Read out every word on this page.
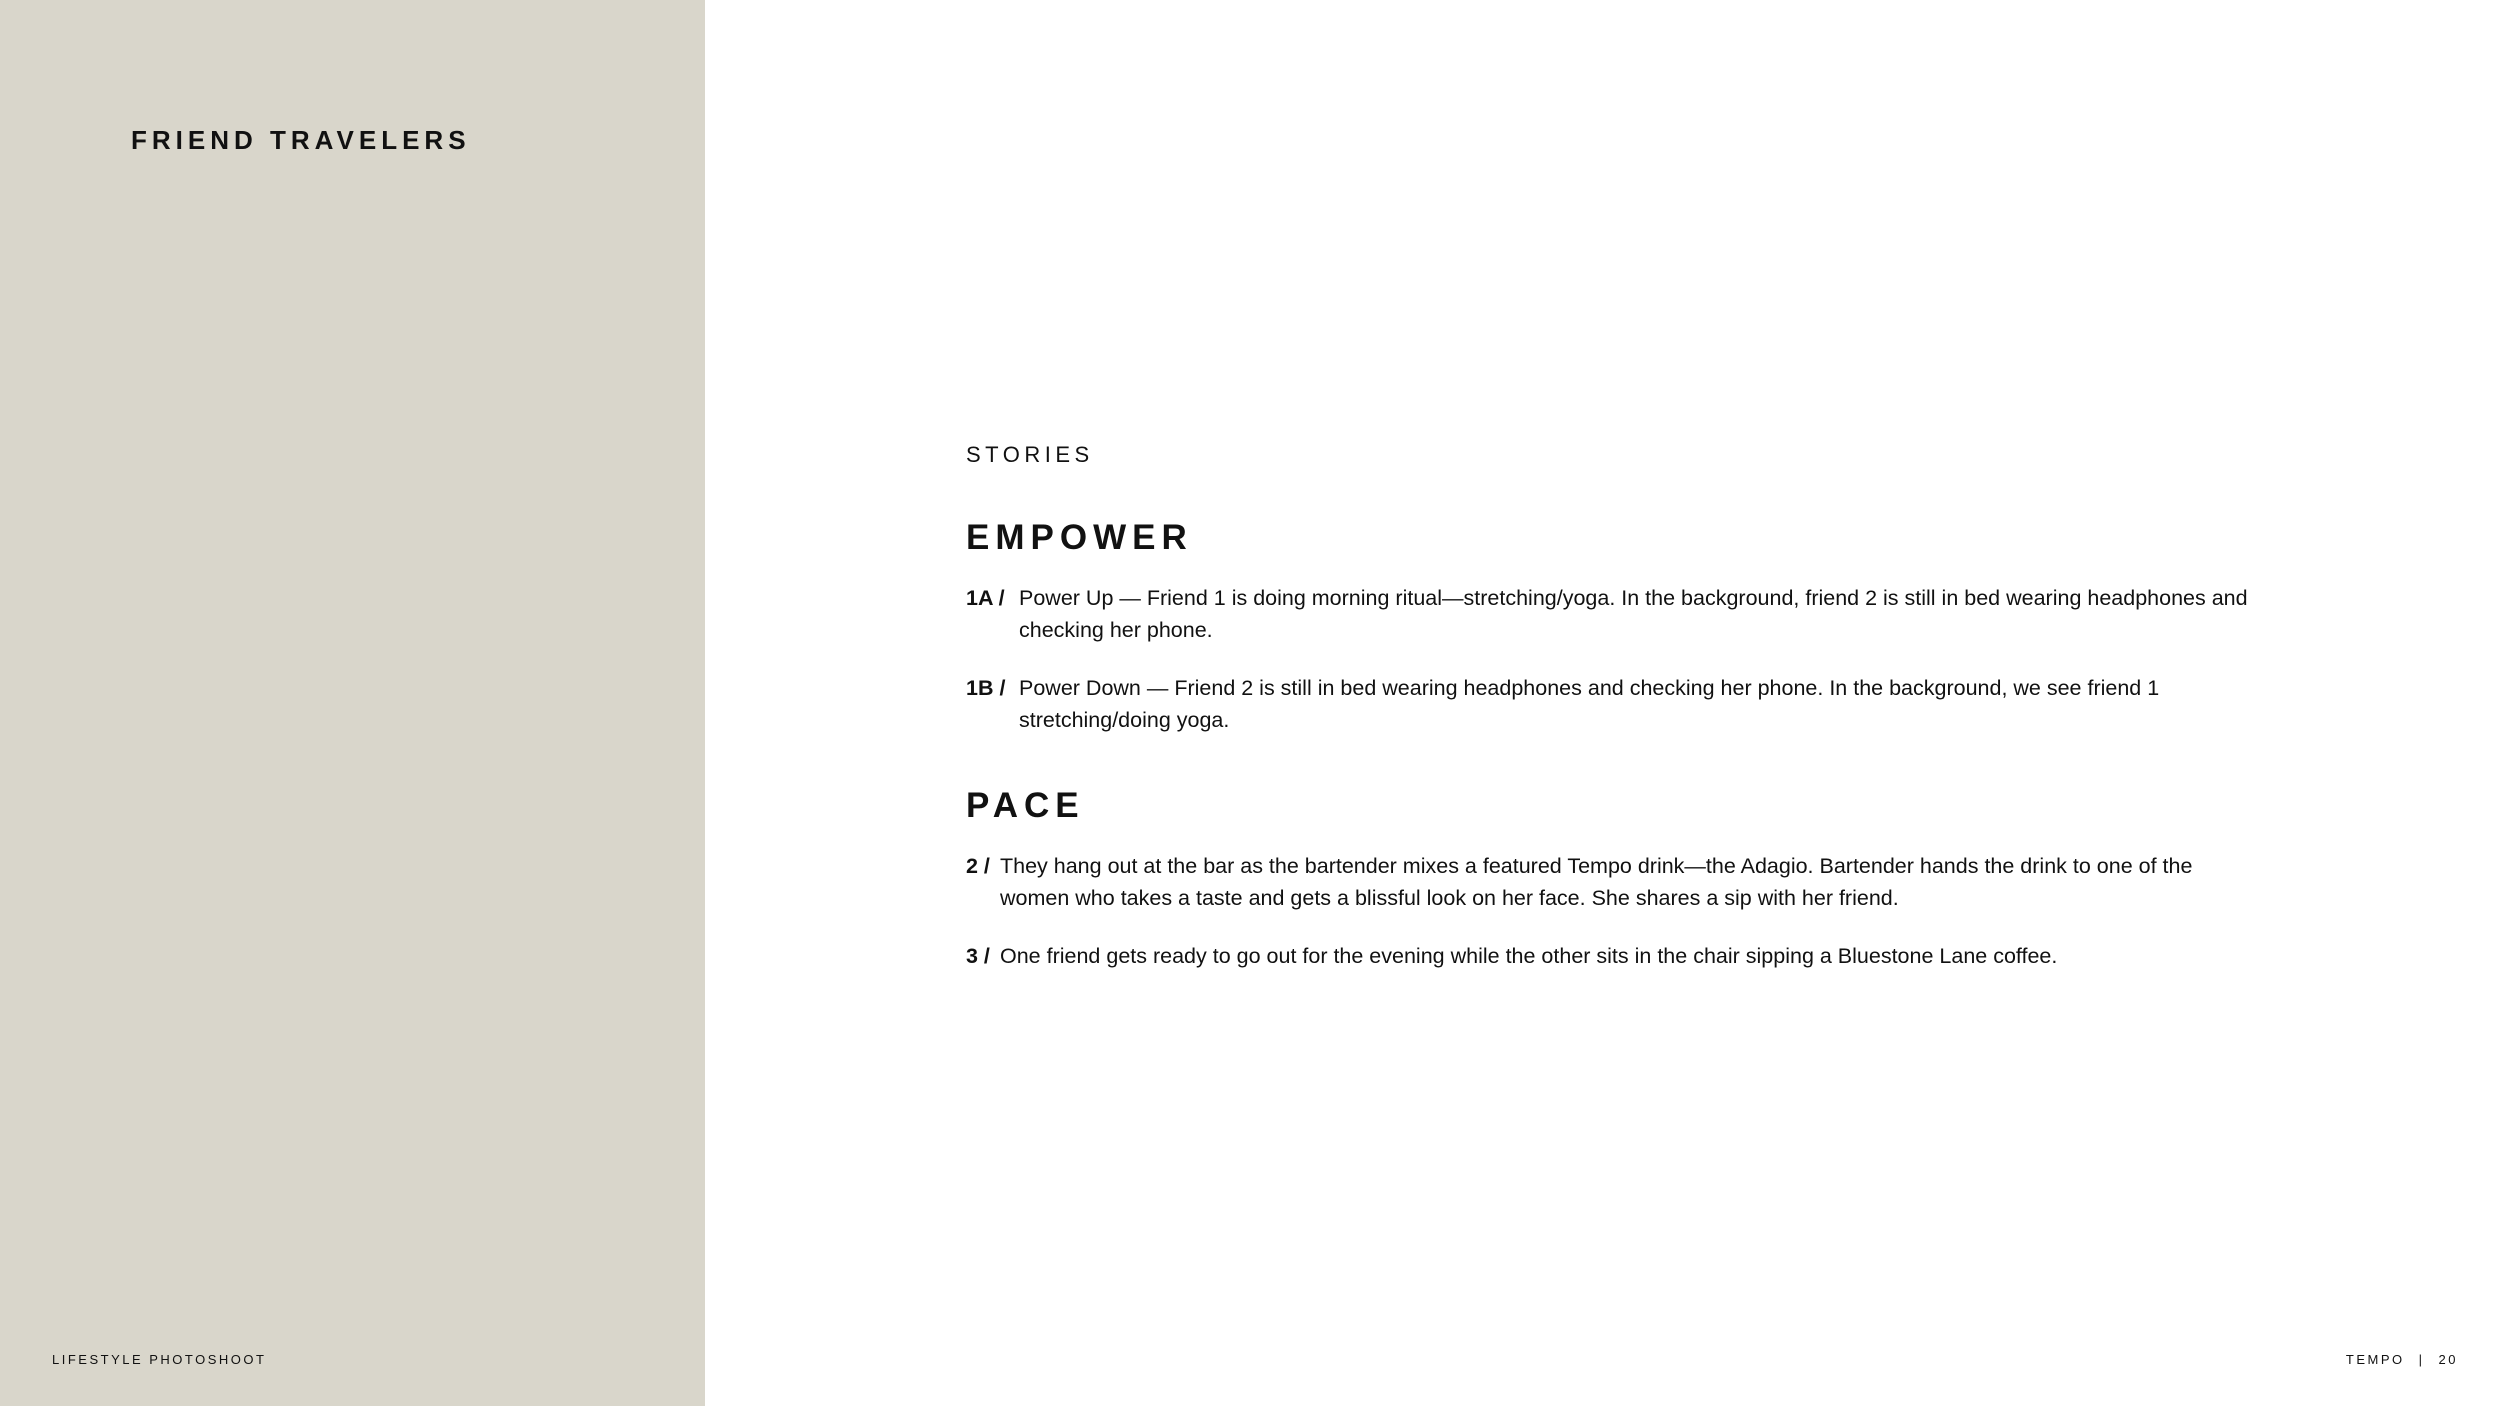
FRIEND TRAVELERS
LIFESTYLE PHOTOSHOOT
STORIES
EMPOWER
1A / Power Up — Friend 1 is doing morning ritual—stretching/yoga. In the background, friend 2 is still in bed wearing headphones and checking her phone.
1B / Power Down — Friend 2 is still in bed wearing headphones and checking her phone. In the background, we see friend 1 stretching/doing yoga.
PACE
2 / They hang out at the bar as the bartender mixes a featured Tempo drink—the Adagio. Bartender hands the drink to one of the women who takes a taste and gets a blissful look on her face. She shares a sip with her friend.
3 / One friend gets ready to go out for the evening while the other sits in the chair sipping a Bluestone Lane coffee.
TEMPO | 20
